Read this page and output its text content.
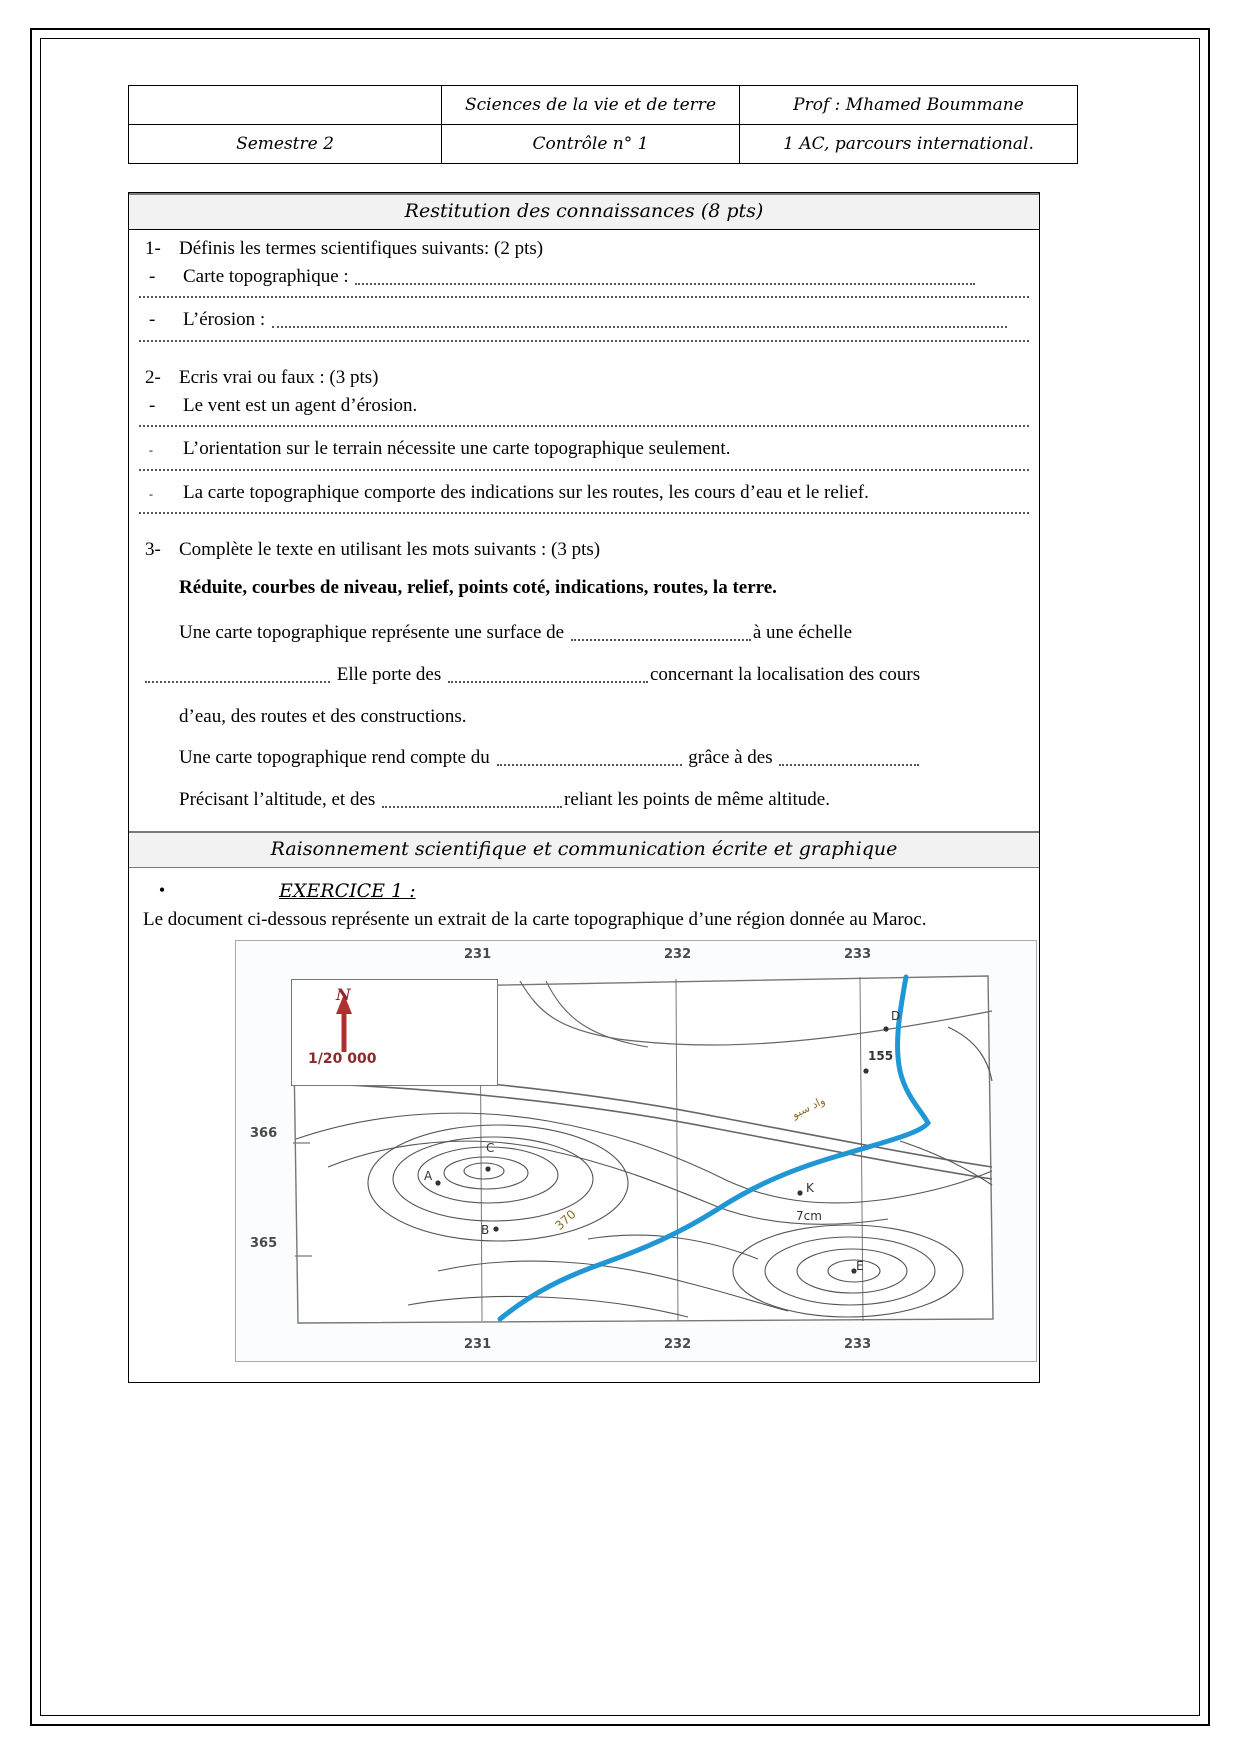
	Sciences de la vie et de terre	Prof : Mhamed Boummane
Semestre 2	Contrôle n° 1	1 AC, parcours international.
Restitution des connaissances (8 pts)
1- Définis les termes scientifiques suivants: (2 pts)
-	Carte topographique :
-	L’érosion :
2- Ecris vrai ou faux : (3 pts)
-	Le vent est un agent d’érosion.
-	L’orientation sur le terrain nécessite une carte topographique seulement.
-	La carte topographique comporte des indications sur les routes, les cours d’eau et le relief.
3- Complète le texte en utilisant les mots suivants : (3 pts)
Réduite, courbes de niveau, relief, points coté, indications, routes, la terre.
Une carte topographique représente une surface de	à une échelle
Elle porte des	concernant la localisation des cours
d’eau, des routes et des constructions.
Une carte topographique rend compte du	grâce à des
Précisant l’altitude, et des	reliant les points de même altitude.
Raisonnement scientifique et communication écrite et graphique
•	EXERCICE 1 :
Le document ci-dessous représente un extrait de la carte topographique d’une région donnée au Maroc.
231	232	233
231	232	233
366
365
N
1/20 000
D
155
C
A
B
K
E
7cm
370
واد سبو
